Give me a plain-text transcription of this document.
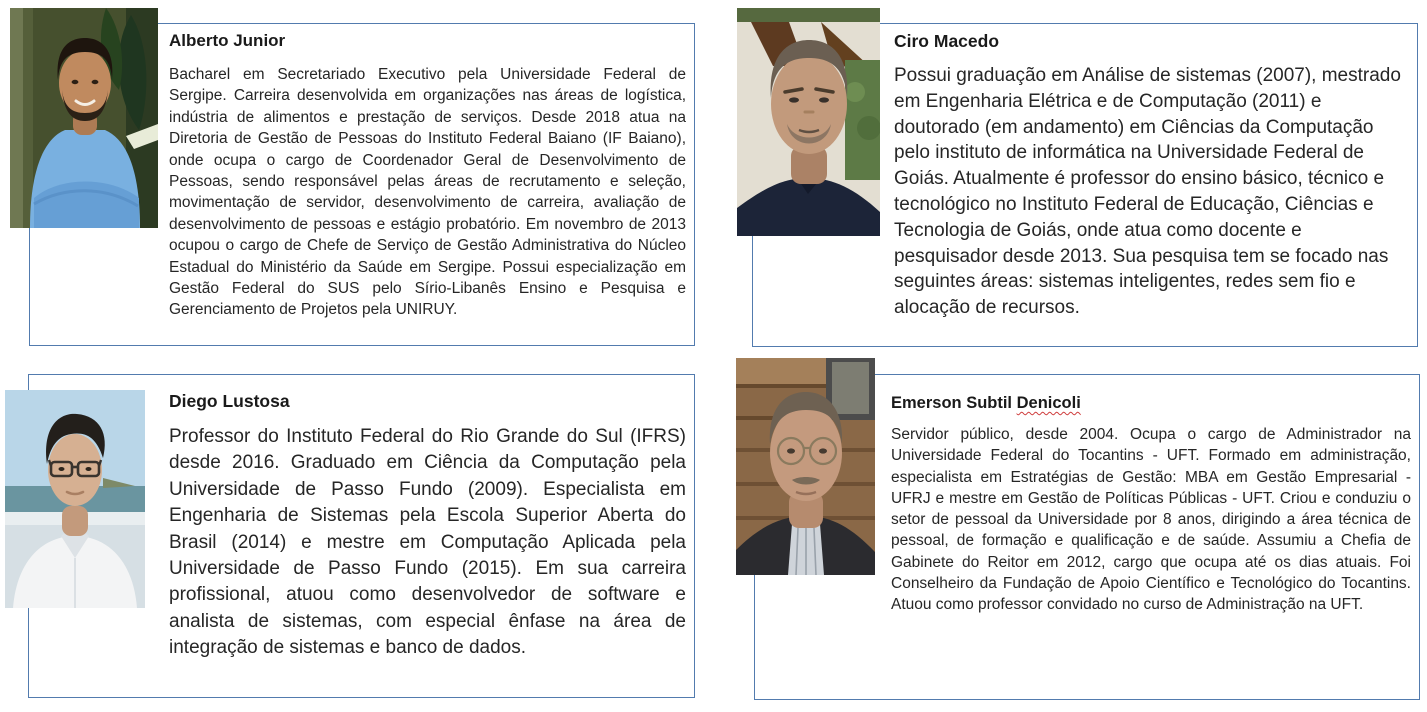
Alberto Junior

Bacharel em Secretariado Executivo pela Universidade Federal de Sergipe. Carreira desenvolvida em organizações nas áreas de logística, indústria de alimentos e prestação de serviços. Desde 2018 atua na Diretoria de Gestão de Pessoas do Instituto Federal Baiano (IF Baiano), onde ocupa o cargo de Coordenador Geral de Desenvolvimento de Pessoas, sendo responsável pelas áreas de recrutamento e seleção, movimentação de servidor, desenvolvimento de carreira, avaliação de desenvolvimento de pessoas e estágio probatório. Em novembro de 2013 ocupou o cargo de Chefe de Serviço de Gestão Administrativa do Núcleo Estadual do Ministério da Saúde em Sergipe. Possui especialização em Gestão Federal do SUS pelo Sírio-Libanês Ensino e Pesquisa e Gerenciamento de Projetos pela UNIRUY.

Ciro Macedo

Possui graduação em Análise de sistemas (2007), mestrado em Engenharia Elétrica e de Computação (2011) e doutorado (em andamento) em Ciências da Computação pelo instituto de informática na Universidade Federal de Goiás. Atualmente é professor do ensino básico, técnico e tecnológico no Instituto Federal de Educação, Ciências e Tecnologia de Goiás, onde atua como docente e pesquisador desde 2013. Sua pesquisa tem se focado nas seguintes áreas: sistemas inteligentes, redes sem fio e alocação de recursos.

Diego Lustosa

Professor do Instituto Federal do Rio Grande do Sul (IFRS) desde 2016. Graduado em Ciência da Computação pela Universidade de Passo Fundo (2009). Especialista em Engenharia de Sistemas pela Escola Superior Aberta do Brasil (2014) e mestre em Computação Aplicada pela Universidade de Passo Fundo (2015). Em sua carreira profissional, atuou como desenvolvedor de software e analista de sistemas, com especial ênfase na área de integração de sistemas e banco de dados.

Emerson Subtil Denicoli

Servidor público, desde 2004. Ocupa o cargo de Administrador na Universidade Federal do Tocantins - UFT. Formado em administração, especialista em Estratégias de Gestão: MBA em Gestão Empresarial - UFRJ e mestre em Gestão de Políticas Públicas - UFT. Criou e conduziu o setor de pessoal da Universidade por 8 anos, dirigindo a área técnica de pessoal, de formação e qualificação e de saúde. Assumiu a Chefia de Gabinete do Reitor em 2012, cargo que ocupa até os dias atuais. Foi Conselheiro da Fundação de Apoio Científico e Tecnológico do Tocantins. Atuou como professor convidado no curso de Administração na UFT.
